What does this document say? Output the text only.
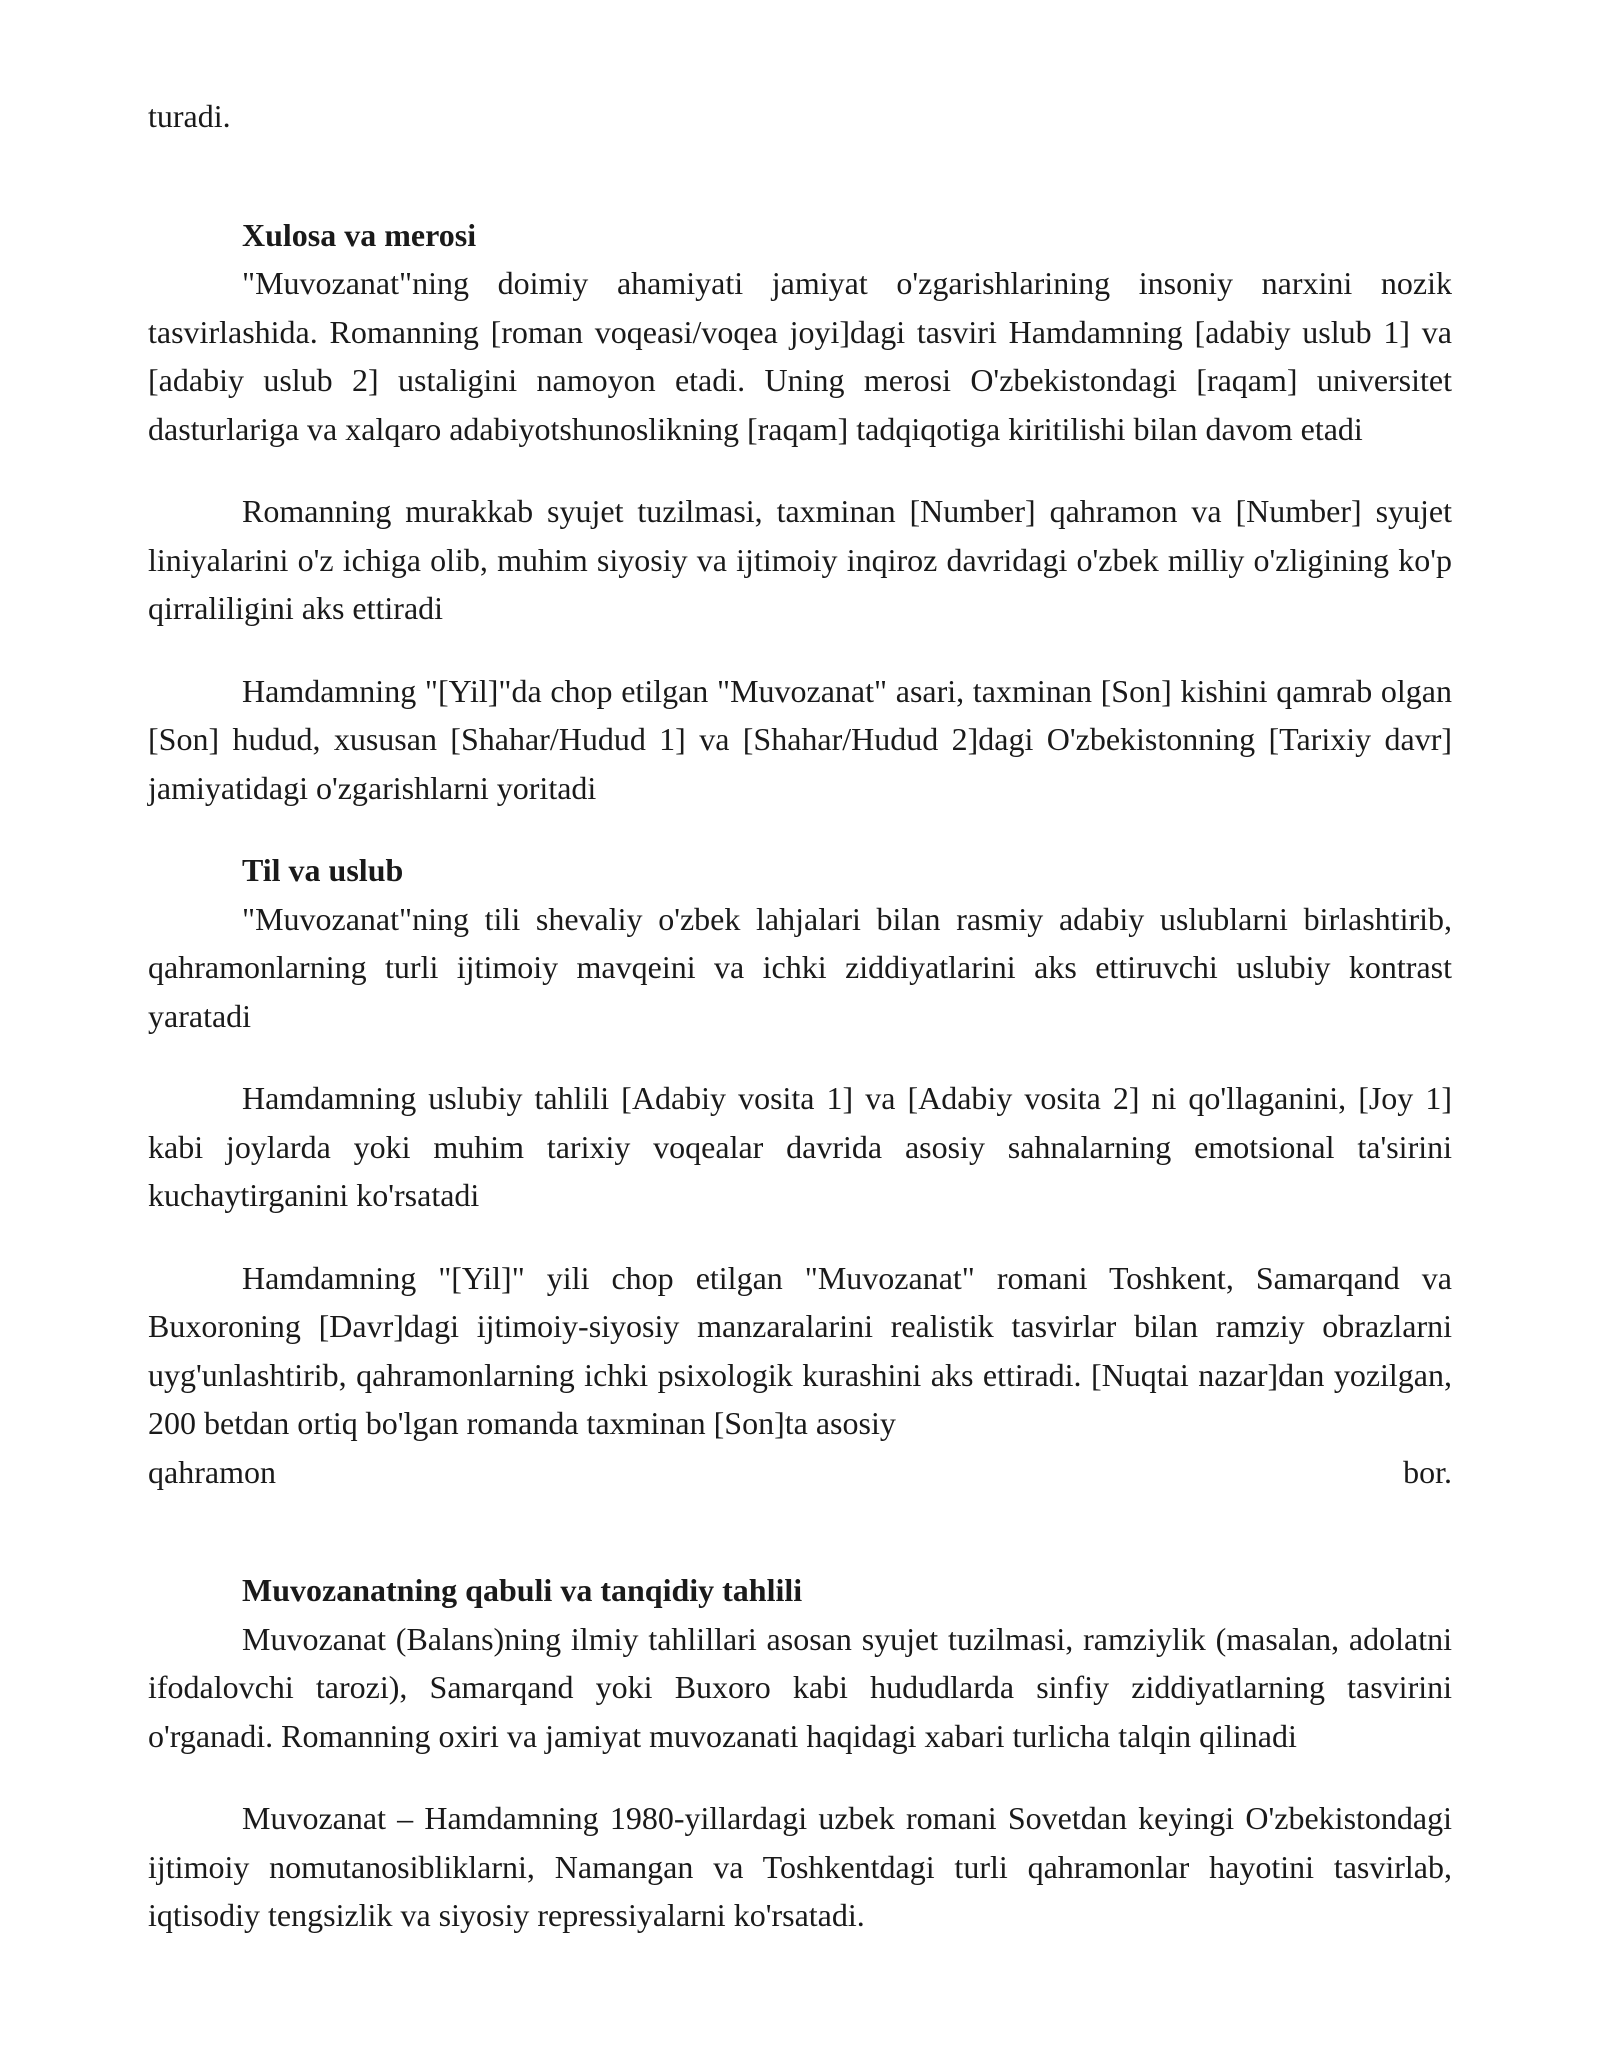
turadi.

Xulosa va merosi

"Muvozanat"ning doimiy ahamiyati jamiyat o'zgarishlarining insoniy narxini nozik tasvirlashida. Romanning [roman voqeasi/voqea joyi]dagi tasviri Hamdamning [adabiy uslub 1] va [adabiy uslub 2] ustaligini namoyon etadi. Uning merosi O'zbekistondagi [raqam] universitet dasturlariga va xalqaro adabiyotshunoslikning [raqam] tadqiqotiga kiritilishi bilan davom etadi

Romanning murakkab syujet tuzilmasi, taxminan [Number] qahramon va [Number] syujet liniyalarini o'z ichiga olib, muhim siyosiy va ijtimoiy inqiroz davridagi o'zbek milliy o'zligining ko'p qirraliligini aks ettiradi

Hamdamning "[Yil]"da chop etilgan "Muvozanat" asari, taxminan [Son] kishini qamrab olgan [Son] hudud, xususan [Shahar/Hudud 1] va [Shahar/Hudud 2]dagi O'zbekistonning [Tarixiy davr] jamiyatidagi o'zgarishlarni yoritadi

Til va uslub

"Muvozanat"ning tili shevaliy o'zbek lahjalari bilan rasmiy adabiy uslublarni birlashtirib, qahramonlarning turli ijtimoiy mavqeini va ichki ziddiyatlarini aks ettiruvchi uslubiy kontrast yaratadi

Hamdamning uslubiy tahlili [Adabiy vosita 1] va [Adabiy vosita 2] ni qo'llaganini, [Joy 1] kabi joylarda yoki muhim tarixiy voqealar davrida asosiy sahnalarning emotsional ta'sirini kuchaytirganini ko'rsatadi

Hamdamning "[Yil]" yili chop etilgan "Muvozanat" romani Toshkent, Samarqand va Buxoroning [Davr]dagi ijtimoiy-siyosiy manzaralarini realistik tasvirlar bilan ramziy obrazlarni uyg'unlashtirib, qahramonlarning ichki psixologik kurashini aks ettiradi. [Nuqtai nazar]dan yozilgan, 200 betdan ortiq bo'lgan romanda taxminan [Son]ta asosiy

qahramon	bor.
Muvozanatning qabuli va tanqidiy tahlili

Muvozanat (Balans)ning ilmiy tahlillari asosan syujet tuzilmasi, ramziylik (masalan, adolatni ifodalovchi tarozi), Samarqand yoki Buxoro kabi hududlarda sinfiy ziddiyatlarning tasvirini o'rganadi. Romanning oxiri va jamiyat muvozanati haqidagi xabari turlicha talqin qilinadi

Muvozanat – Hamdamning 1980-yillardagi uzbek romani Sovetdan keyingi O'zbekistondagi ijtimoiy nomutanosibliklarni, Namangan va Toshkentdagi turli qahramonlar hayotini tasvirlab, iqtisodiy tengsizlik va siyosiy repressiyalarni ko'rsatadi.
